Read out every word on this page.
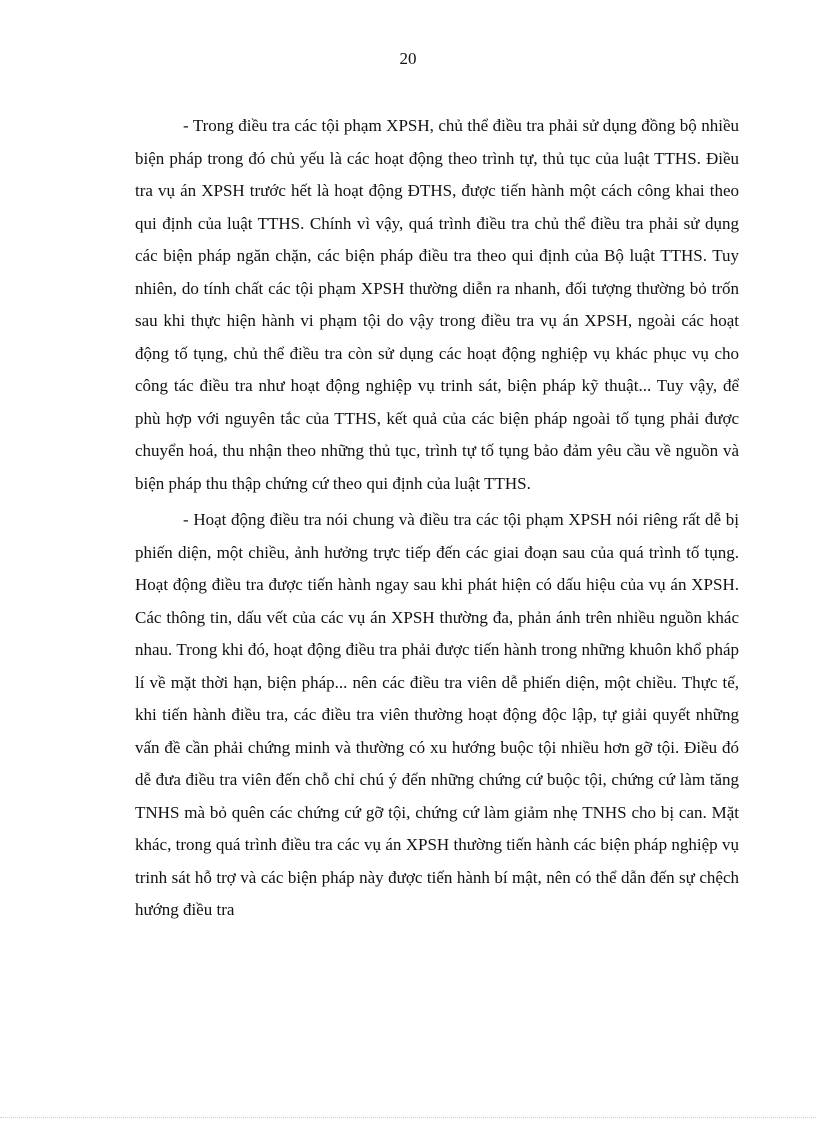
20

- Trong điều tra các tội phạm XPSH, chủ thể điều tra phải sử dụng đồng bộ nhiều biện pháp trong đó chủ yếu là các hoạt động theo trình tự, thủ tục của luật TTHS. Điều tra vụ án XPSH trước hết là hoạt động ĐTHS, được tiến hành một cách công khai theo qui định của luật TTHS. Chính vì vậy, quá trình điều tra chủ thể điều tra phải sử dụng các biện pháp ngăn chặn, các biện pháp điều tra theo qui định của Bộ luật TTHS. Tuy nhiên, do tính chất các tội phạm XPSH thường diễn ra nhanh, đối tượng thường bỏ trốn sau khi thực hiện hành vi phạm tội do vậy trong điều tra vụ án XPSH, ngoài các hoạt động tố tụng, chủ thể điều tra còn sử dụng các hoạt động nghiệp vụ khác phục vụ cho công tác điều tra như hoạt động nghiệp vụ trinh sát, biện pháp kỹ thuật... Tuy vậy, để phù hợp với nguyên tắc của TTHS, kết quả của các biện pháp ngoài tố tụng phải được chuyển hoá, thu nhận theo những thủ tục, trình tự tố tụng bảo đảm yêu cầu về nguồn và biện pháp thu thập chứng cứ theo qui định của luật TTHS.

- Hoạt động điều tra nói chung và điều tra các tội phạm XPSH nói riêng rất dễ bị phiến diện, một chiều, ảnh hưởng trực tiếp đến các giai đoạn sau của quá trình tố tụng. Hoạt động điều tra được tiến hành ngay sau khi phát hiện có dấu hiệu của vụ án XPSH. Các thông tin, dấu vết của các vụ án XPSH thường đa, phản ánh trên nhiều nguồn khác nhau. Trong khi đó, hoạt động điều tra phải được tiến hành trong những khuôn khổ pháp lí về mặt thời hạn, biện pháp... nên các điều tra viên dễ phiến diện, một chiều. Thực tế, khi tiến hành điều tra, các điều tra viên thường hoạt động độc lập, tự giải quyết những vấn đề cần phải chứng minh và thường có xu hướng buộc tội nhiều hơn gỡ tội. Điều đó dễ đưa điều tra viên đến chỗ chỉ chú ý đến những chứng cứ buộc tội, chứng cứ làm tăng TNHS mà bỏ quên các chứng cứ gỡ tội, chứng cứ làm giảm nhẹ TNHS cho bị can. Mặt khác, trong quá trình điều tra các vụ án XPSH thường tiến hành các biện pháp nghiệp vụ trinh sát hỗ trợ và các biện pháp này được tiến hành bí mật, nên có thể dẫn đến sự chệch hướng điều tra
